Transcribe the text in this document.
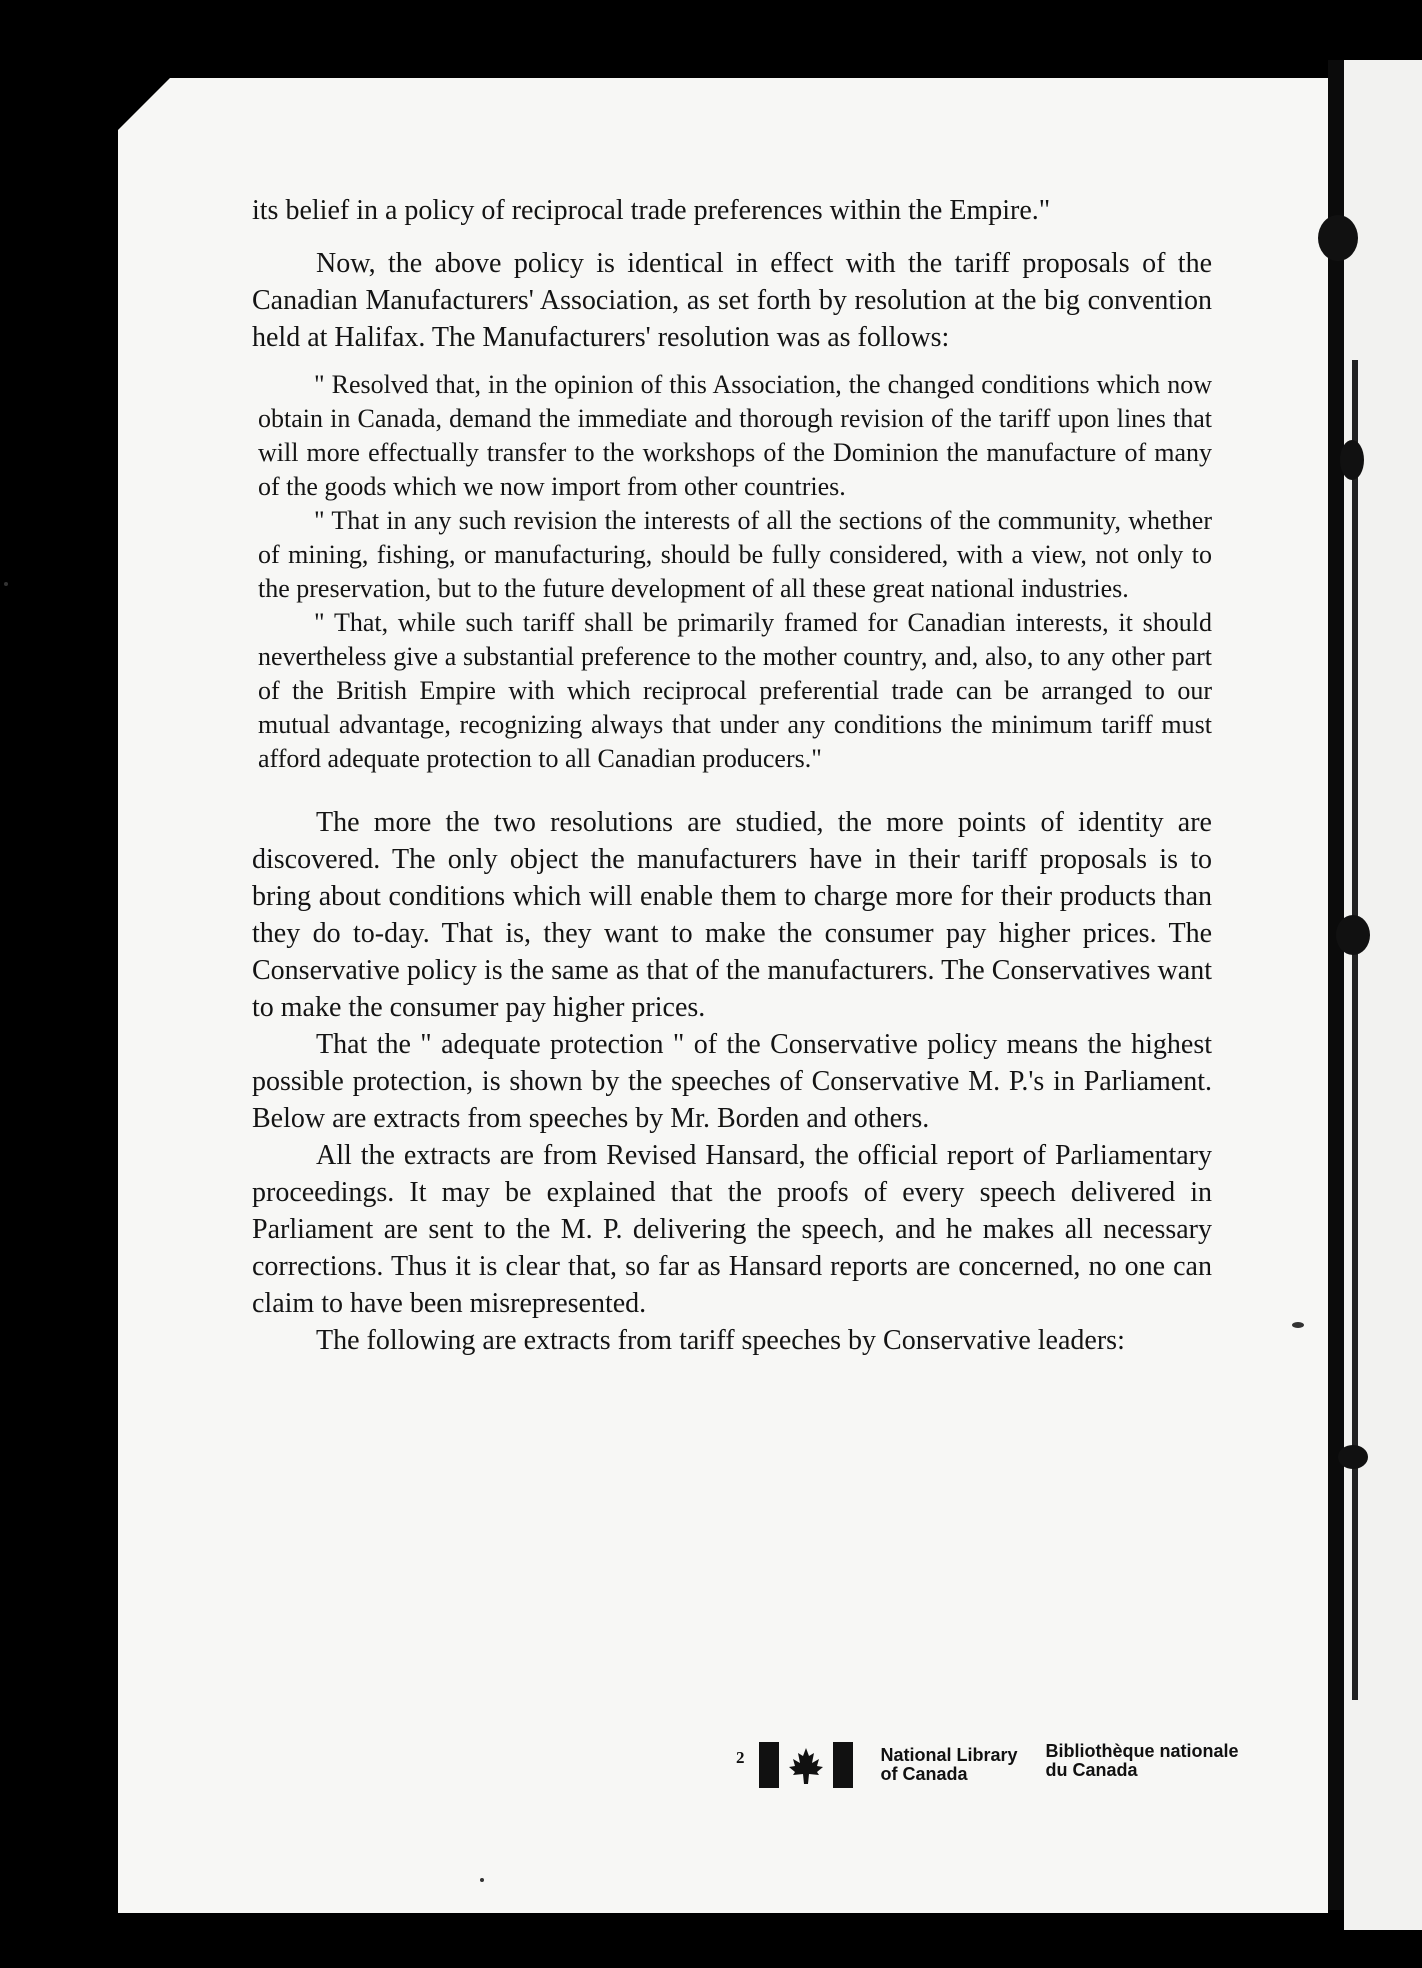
its belief in a policy of reciprocal trade preferences within the Empire."

Now, the above policy is identical in effect with the tariff proposals of the Canadian Manufacturers' Association, as set forth by resolution at the big convention held at Halifax. The Manufacturers' resolution was as follows:

" Resolved that, in the opinion of this Association, the changed conditions which now obtain in Canada, demand the immediate and thorough revision of the tariff upon lines that will more effectually transfer to the workshops of the Dominion the manufacture of many of the goods which we now import from other countries.

" That in any such revision the interests of all the sections of the community, whether of mining, fishing, or manufacturing, should be fully considered, with a view, not only to the preservation, but to the future development of all these great national industries.

" That, while such tariff shall be primarily framed for Canadian interests, it should nevertheless give a substantial preference to the mother country, and, also, to any other part of the British Empire with which reciprocal preferential trade can be arranged to our mutual advantage, recognizing always that under any conditions the minimum tariff must afford adequate protection to all Canadian producers."

The more the two resolutions are studied, the more points of identity are discovered. The only object the manufacturers have in their tariff proposals is to bring about conditions which will enable them to charge more for their products than they do to-day. That is, they want to make the consumer pay higher prices. The Conservative policy is the same as that of the manufacturers. The Conservatives want to make the consumer pay higher prices.

That the " adequate protection " of the Conservative policy means the highest possible protection, is shown by the speeches of Conservative M. P.'s in Parliament. Below are extracts from speeches by Mr. Borden and others.

All the extracts are from Revised Hansard, the official report of Parliamentary proceedings. It may be explained that the proofs of every speech delivered in Parliament are sent to the M. P. delivering the speech, and he makes all necessary corrections. Thus it is clear that, so far as Hansard reports are concerned, no one can claim to have been misrepresented.

The following are extracts from tariff speeches by Conservative leaders:

2	National Library
of Canada
Bibliothèque nationale
du Canada
